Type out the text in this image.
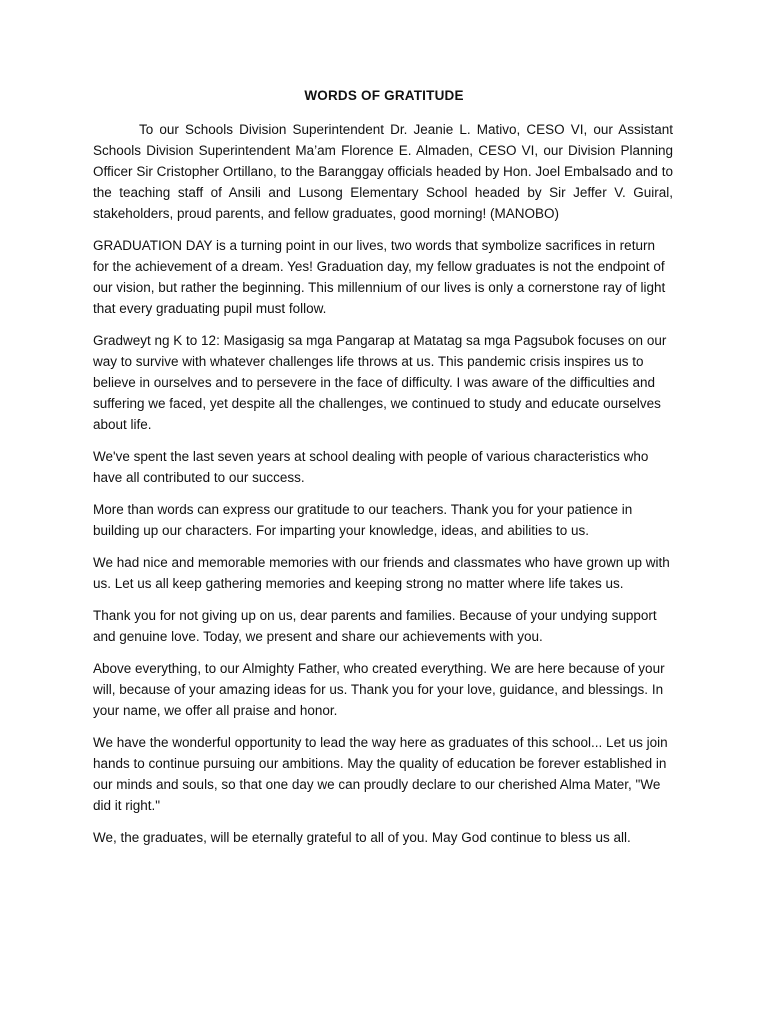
WORDS OF GRATITUDE

To our Schools Division Superintendent Dr. Jeanie L. Mativo, CESO VI, our Assistant Schools Division Superintendent Ma’am Florence E. Almaden, CESO VI, our Division Planning Officer Sir Cristopher Ortillano, to the Baranggay officials headed by Hon. Joel Embalsado and to the teaching staff of Ansili and Lusong Elementary School headed by Sir Jeffer V. Guiral, stakeholders, proud parents, and fellow graduates, good morning! (MANOBO)

GRADUATION DAY is a turning point in our lives, two words that symbolize sacrifices in return for the achievement of a dream. Yes! Graduation day, my fellow graduates is not the endpoint of our vision, but rather the beginning. This millennium of our lives is only a cornerstone ray of light that every graduating pupil must follow.

Gradweyt ng K to 12: Masigasig sa mga Pangarap at Matatag sa mga Pagsubok focuses on our way to survive with whatever challenges life throws at us. This pandemic crisis inspires us to believe in ourselves and to persevere in the face of difficulty. I was aware of the difficulties and suffering we faced, yet despite all the challenges, we continued to study and educate ourselves about life.

We've spent the last seven years at school dealing with people of various characteristics who have all contributed to our success.

More than words can express our gratitude to our teachers. Thank you for your patience in building up our characters. For imparting your knowledge, ideas, and abilities to us.

We had nice and memorable memories with our friends and classmates who have grown up with us. Let us all keep gathering memories and keeping strong no matter where life takes us.

Thank you for not giving up on us, dear parents and families. Because of your undying support and genuine love. Today, we present and share our achievements with you.

Above everything, to our Almighty Father, who created everything. We are here because of your will, because of your amazing ideas for us. Thank you for your love, guidance, and blessings. In your name, we offer all praise and honor.

We have the wonderful opportunity to lead the way here as graduates of this school... Let us join hands to continue pursuing our ambitions. May the quality of education be forever established in our minds and souls, so that one day we can proudly declare to our cherished Alma Mater, "We did it right."

We, the graduates, will be eternally grateful to all of you. May God continue to bless us all.
